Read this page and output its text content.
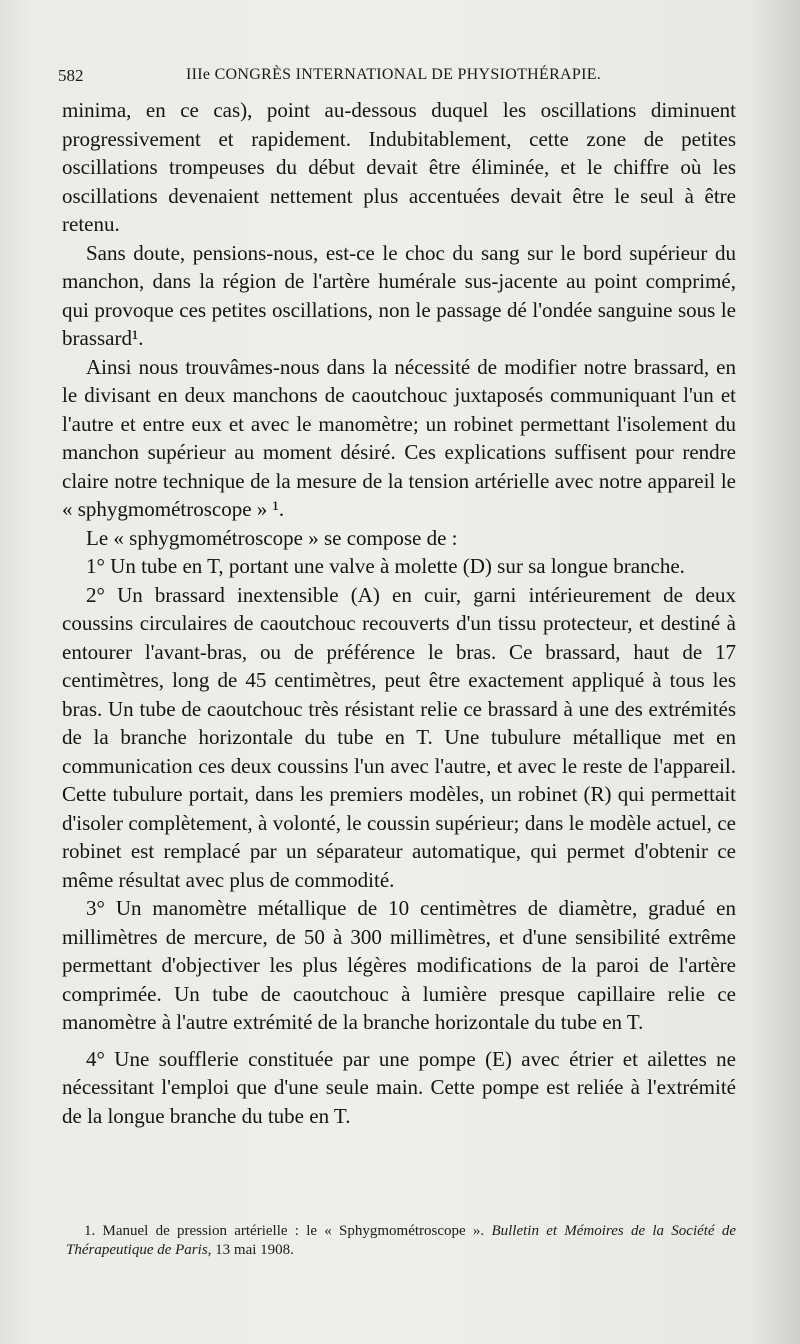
582	IIIe CONGRÈS INTERNATIONAL DE PHYSIOTHÉRAPIE.

minima, en ce cas), point au-dessous duquel les oscillations diminuent progressivement et rapidement. Indubitablement, cette zone de petites oscillations trompeuses du début devait être éliminée, et le chiffre où les oscillations devenaient nettement plus accentuées devait être le seul à être retenu.

Sans doute, pensions-nous, est-ce le choc du sang sur le bord supérieur du manchon, dans la région de l'artère humérale sus-jacente au point comprimé, qui provoque ces petites oscillations, non le passage dé l'ondée sanguine sous le brassard¹.

Ainsi nous trouvâmes-nous dans la nécessité de modifier notre brassard, en le divisant en deux manchons de caoutchouc juxtaposés communiquant l'un et l'autre et entre eux et avec le manomètre; un robinet permettant l'isolement du manchon supérieur au moment désiré. Ces explications suffisent pour rendre claire notre technique de la mesure de la tension artérielle avec notre appareil le « sphygmométroscope » ¹.

Le « sphygmométroscope » se compose de :

1° Un tube en T, portant une valve à molette (D) sur sa longue branche.

2° Un brassard inextensible (A) en cuir, garni intérieurement de deux coussins circulaires de caoutchouc recouverts d'un tissu protecteur, et destiné à entourer l'avant-bras, ou de préférence le bras. Ce brassard, haut de 17 centimètres, long de 45 centimètres, peut être exactement appliqué à tous les bras. Un tube de caoutchouc très résistant relie ce brassard à une des extrémités de la branche horizontale du tube en T. Une tubulure métallique met en communication ces deux coussins l'un avec l'autre, et avec le reste de l'appareil. Cette tubulure portait, dans les premiers modèles, un robinet (R) qui permettait d'isoler complètement, à volonté, le coussin supérieur; dans le modèle actuel, ce robinet est remplacé par un séparateur automatique, qui permet d'obtenir ce même résultat avec plus de commodité.

3° Un manomètre métallique de 10 centimètres de diamètre, gradué en millimètres de mercure, de 50 à 300 millimètres, et d'une sensibilité extrême permettant d'objectiver les plus légères modifications de la paroi de l'artère comprimée. Un tube de caoutchouc à lumière presque capillaire relie ce manomètre à l'autre extrémité de la branche horizontale du tube en T.

4° Une soufflerie constituée par une pompe (E) avec étrier et ailettes ne nécessitant l'emploi que d'une seule main. Cette pompe est reliée à l'extrémité de la longue branche du tube en T.

1. Manuel de pression artérielle : le « Sphygmométroscope ». Bulletin et Mémoires de la Société de Thérapeutique de Paris, 13 mai 1908.
